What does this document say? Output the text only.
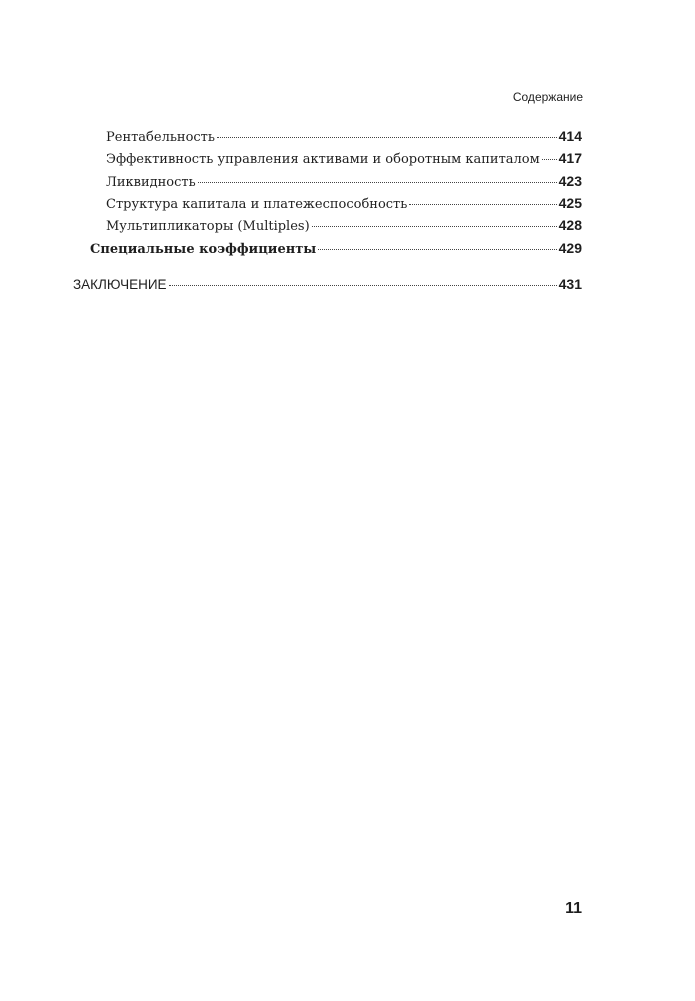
Содержание
Рентабельность	414
Эффективность управления активами и оборотным капиталом 417
Ликвидность	423
Структура капитала и платежеспособность	425
Мультипликаторы (Multiples)	428
Специальные коэффициенты	429
ЗАКЛЮЧЕНИЕ	431
11
